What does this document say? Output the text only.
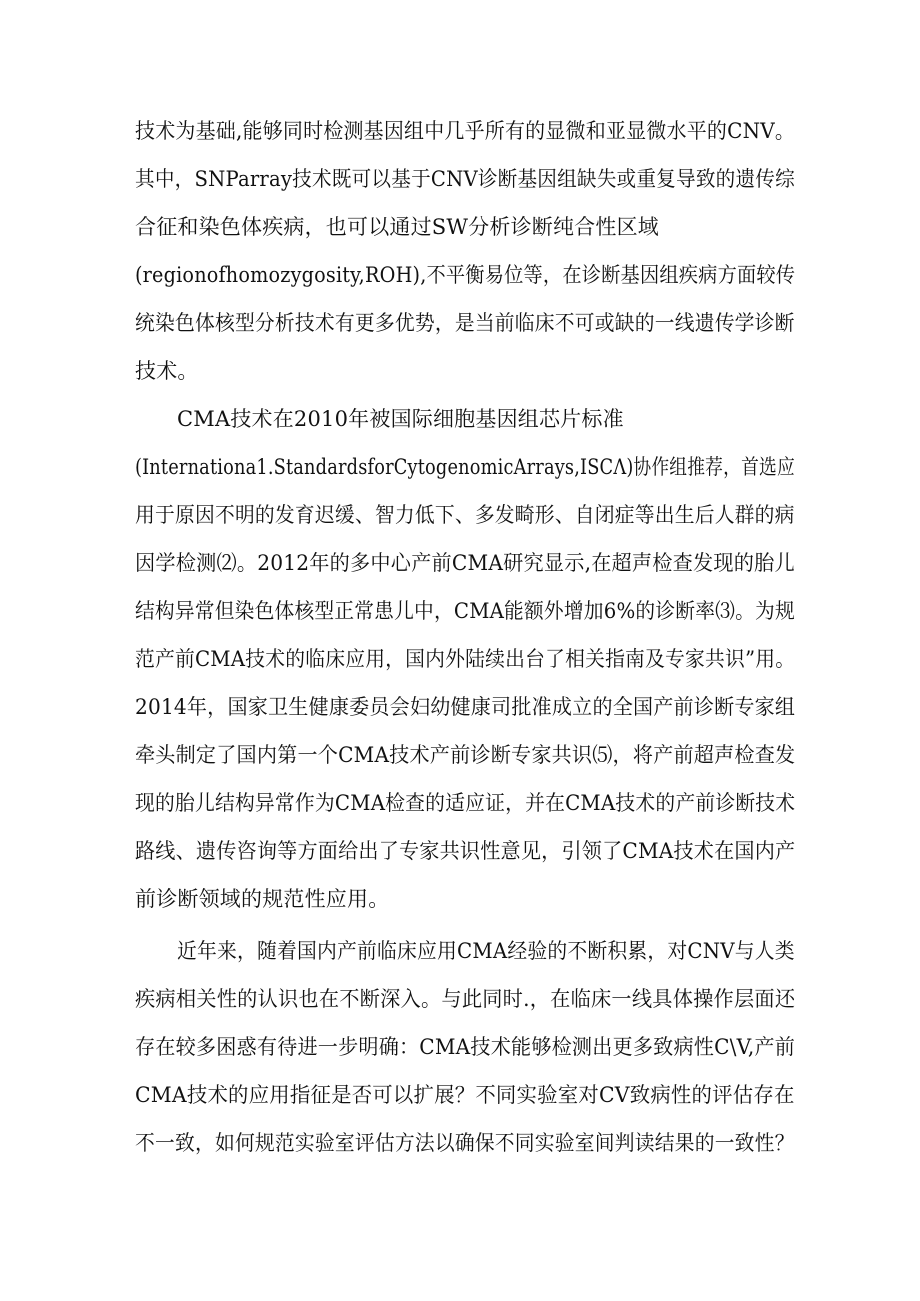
技术为基础,能够同时检测基因组中几乎所有的显微和亚显微水平的CNV。
其中，SNParray技术既可以基于CNV诊断基因组缺失或重复导致的遗传综
合征和染色体疾病，也可以通过SW分析诊断纯合性区域
(regionofhomozygosity,ROH),不平衡易位等，在诊断基因组疾病方面较传
统染色体核型分析技术有更多优势，是当前临床不可或缺的一线遗传学诊断
技术。
CMA技术在2010年被国际细胞基因组芯片标准
(Internationa1.StandardsforCytogenomicArrays,ISCΛ)协作组推荐，首选应
用于原因不明的发育迟缓、智力低下、多发畸形、自闭症等出生后人群的病
因学检测⑵。2012年的多中心产前CMA研究显示,在超声检查发现的胎儿
结构异常但染色体核型正常患儿中，CMA能额外增加6%的诊断率⑶。为规
范产前CMA技术的临床应用，国内外陆续出台了相关指南及专家共识”用。
2014年，国家卫生健康委员会妇幼健康司批准成立的全国产前诊断专家组
牵头制定了国内第一个CMA技术产前诊断专家共识⑸，将产前超声检查发
现的胎儿结构异常作为CMA检查的适应证，并在CMA技术的产前诊断技术
路线、遗传咨询等方面给出了专家共识性意见，引领了CMA技术在国内产
前诊断领域的规范性应用。
近年来，随着国内产前临床应用CMA经验的不断积累，对CNV与人类
疾病相关性的认识也在不断深入。与此同时.，在临床一线具体操作层面还
存在较多困惑有待进一步明确：CMA技术能够检测出更多致病性C\V,产前
CMA技术的应用指征是否可以扩展？不同实验室对CV致病性的评估存在
不一致，如何规范实验室评估方法以确保不同实验室间判读结果的一致性？
